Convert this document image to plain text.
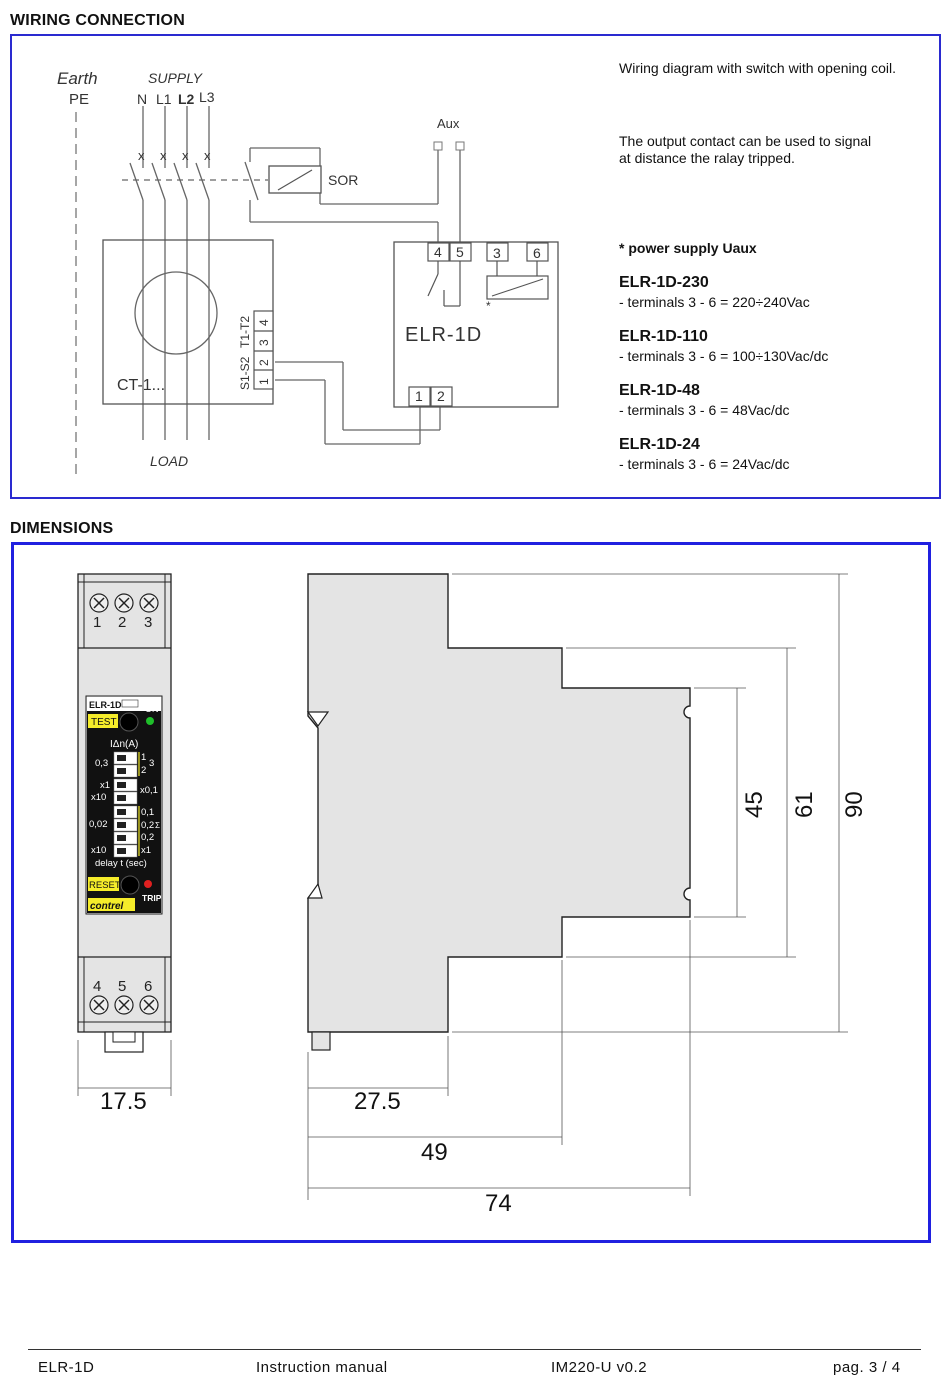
WIRING CONNECTION
x x x x
Earth
PE
SUPPLY
N L1 L2 L3
Aux
SOR
CT-1...
LOAD
ELR-1D
*
S1-S2
T1-T2 4
3
2
1
4 5 3 6
1 2
Wiring diagram with switch with opening coil.
The output contact can be used to signal
at distance the ralay tripped.
* power supply Uaux
ELR-1D-230
- terminals 3 - 6 = 220÷240Vac
ELR-1D-110
- terminals 3 - 6 = 100÷130Vac/dc
ELR-1D-48
- terminals 3 - 6 = 48Vac/dc
ELR-1D-24
- terminals 3 - 6 = 24Vac/dc
DIMENSIONS
1 2 3
4 5 6
ELR-1D
TEST
ON
IΔn(A)
0,3
1
2
3
x1
x10
x0,1
0,02
0,1
0,2 Σ
0,2
x10	x1
delay t (sec)
RESET
TRIP
contrel
17.5	27.5
49
74
45 61 90
ELR-1D	Instruction manual	IM220-U v0.2	pag. 3 / 4
